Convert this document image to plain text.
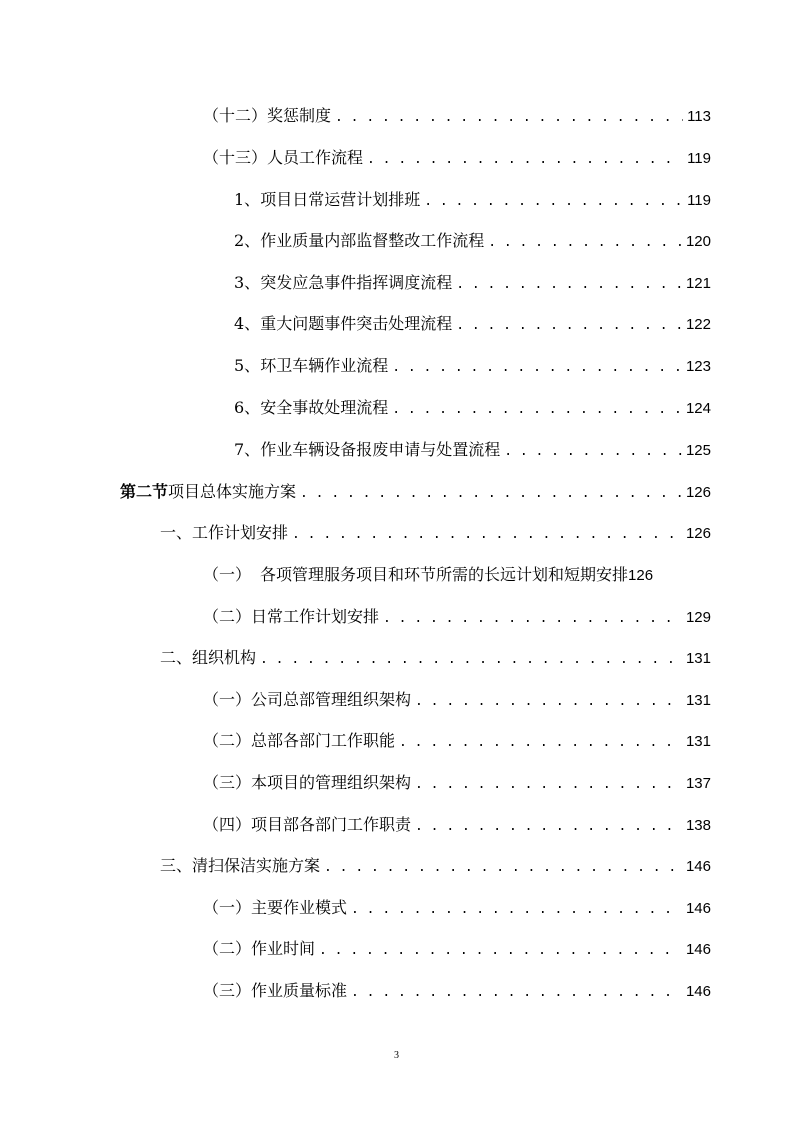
（十二） 奖惩制度 . . .	113
（十三） 人员工作流程 . . .	119
1、 项目日常运营计划排班 . . .	119
2、 作业质量内部监督整改工作流程 . . .	120
3、 突发应急事件指挥调度流程 . . .	121
4、 重大问题事件突击处理流程 . . .	122
5、 环卫车辆作业流程 . . .	123
6、 安全事故处理流程 . . .	124
7、 作业车辆设备报废申请与处置流程 . . .	125
第二节 项目总体实施方案 . . .	126
一、 工作计划安排 . . .	126
（一） 各项管理服务项目和环节所需的长远计划和短期安排 126
（二） 日常工作计划安排 . . .	129
二、 组织机构 . . .	131
（一） 公司总部管理组织架构 . . .	131
（二） 总部各部门工作职能 . . .	131
（三） 本项目的管理组织架构 . . .	137
（四） 项目部各部门工作职责 . . .	138
三、 清扫保洁实施方案 . . .	146
（一） 主要作业模式 . . .	146
（二） 作业时间 . . .	146
（三） 作业质量标准 . . .	146
3
